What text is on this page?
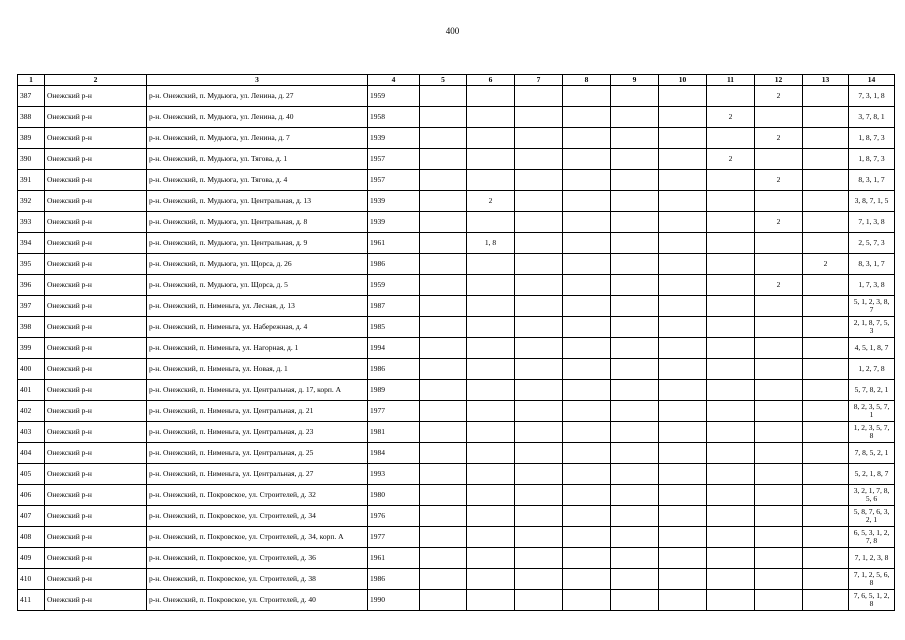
400
1	2	3	4	5	6	7	8	9	10	11	12	13	14
387	Онежский р-н	р-н. Онежский, п. Мудьюга, ул. Ленина, д. 27	1959								2		7, 3, 1, 8
388	Онежский р-н	р-н. Онежский, п. Мудьюга, ул. Ленина, д. 40	1958							2			3, 7, 8, 1
389	Онежский р-н	р-н. Онежский, п. Мудьюга, ул. Ленина, д. 7	1939								2		1, 8, 7, 3
390	Онежский р-н	р-н. Онежский, п. Мудьюга, ул. Тягова, д. 1	1957							2			1, 8, 7, 3
391	Онежский р-н	р-н. Онежский, п. Мудьюга, ул. Тягова, д. 4	1957								2		8, 3, 1, 7
392	Онежский р-н	р-н. Онежский, п. Мудьюга, ул. Центральная, д. 13	1939		2								3, 8, 7, 1, 5
393	Онежский р-н	р-н. Онежский, п. Мудьюга, ул. Центральная, д. 8	1939								2		7, 1, 3, 8
394	Онежский р-н	р-н. Онежский, п. Мудьюга, ул. Центральная, д. 9	1961		1, 8								2, 5, 7, 3
395	Онежский р-н	р-н. Онежский, п. Мудьюга, ул. Щорса, д. 26	1986									2	8, 3, 1, 7
396	Онежский р-н	р-н. Онежский, п. Мудьюга, ул. Щорса, д. 5	1959								2		1, 7, 3, 8
397	Онежский р-н	р-н. Онежский, п. Нименьга, ул. Лесная, д. 13	1987										5, 1, 2, 3, 8, 7
398	Онежский р-н	р-н. Онежский, п. Нименьга, ул. Набережная, д. 4	1985										2, 1, 8, 7, 5, 3
399	Онежский р-н	р-н. Онежский, п. Нименьга, ул. Нагорная, д. 1	1994										4, 5, 1, 8, 7
400	Онежский р-н	р-н. Онежский, п. Нименьга, ул. Новая, д. 1	1986										1, 2, 7, 8
401	Онежский р-н	р-н. Онежский, п. Нименьга, ул. Центральная, д. 17, корп. А	1989										5, 7, 8, 2, 1
402	Онежский р-н	р-н. Онежский, п. Нименьга, ул. Центральная, д. 21	1977										8, 2, 3, 5, 7, 1
403	Онежский р-н	р-н. Онежский, п. Нименьга, ул. Центральная, д. 23	1981										1, 2, 3, 5, 7, 8
404	Онежский р-н	р-н. Онежский, п. Нименьга, ул. Центральная, д. 25	1984										7, 8, 5, 2, 1
405	Онежский р-н	р-н. Онежский, п. Нименьга, ул. Центральная, д. 27	1993										5, 2, 1, 8, 7
406	Онежский р-н	р-н. Онежский, п. Покровское, ул. Строителей, д. 32	1980										3, 2, 1, 7, 8, 5, 6
407	Онежский р-н	р-н. Онежский, п. Покровское, ул. Строителей, д. 34	1976										5, 8, 7, 6, 3, 2, 1
408	Онежский р-н	р-н. Онежский, п. Покровское, ул. Строителей, д. 34, корп. А	1977										6, 5, 3, 1, 2, 7, 8
409	Онежский р-н	р-н. Онежский, п. Покровское, ул. Строителей, д. 36	1961										7, 1, 2, 3, 8
410	Онежский р-н	р-н. Онежский, п. Покровское, ул. Строителей, д. 38	1986										7, 1, 2, 5, 6, 8
411	Онежский р-н	р-н. Онежский, п. Покровское, ул. Строителей, д. 40	1990										7, 6, 5, 1, 2, 8
